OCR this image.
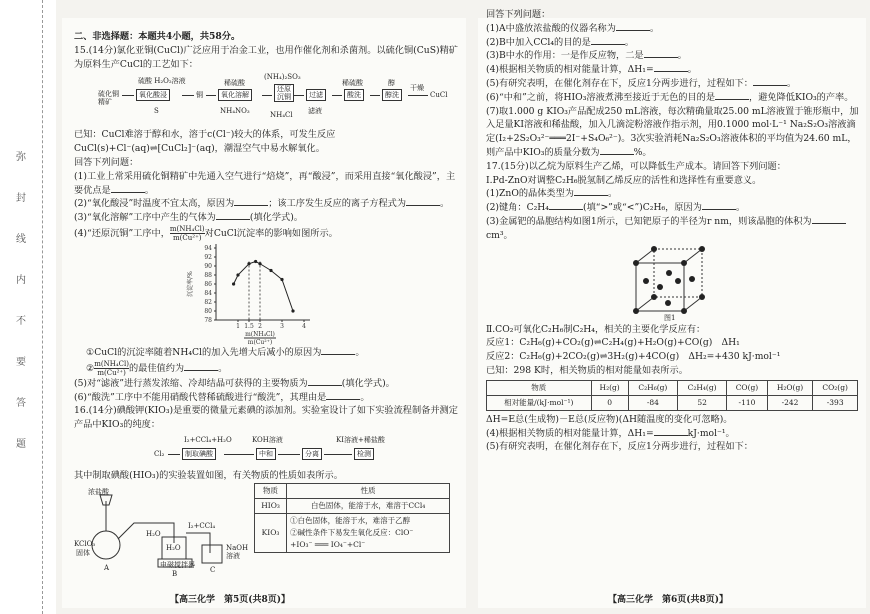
弥
封
线
内
不
要
答
题

二、非选择题：本题共4小题，共58分。

15.(14分)氯化亚铜(CuCl)广泛应用于冶金工业，也用作催化剂和杀菌剂。以硫化铜(CuS)精矿为原料生产CuCl的工艺如下：

硫化铜精矿
硫酸 H₂O₂溶液
氧化酸浸
S
铜
稀硫酸
氧化溶解
NH₄NO₃
(NH₄)₂SO₃
还原沉铜
NH₄Cl
过滤
滤液
稀硫酸
酸洗
醇
醇洗
干燥
CuCl

已知：CuCl难溶于醇和水，溶于c(Cl⁻)较大的体系，可发生反应CuCl(s)+Cl⁻(aq)⇌[CuCl₂]⁻(aq)，潮湿空气中易水解氧化。

回答下列问题：

(1)工业上常采用硫化铜精矿中先通入空气进行“焙烧”，再“酸浸”，而采用直接“氧化酸浸”，主要优点是	。

(2)“氧化酸浸”时温度不宜太高，原因为	；该工序发生反应的离子方程式为	。

(3)“氧化溶解”工序中产生的气体为	(填化学式)。

(4)“还原沉铜”工序中， $\frac{\text{m(NH₄Cl)}}{\text{m(Cu²⁺)}}$ 对CuCl沉淀率的影响如图所示。

78
80
82
84
86
88
90
92
94
1 1.5 2	3	4
沉淀率/%
m(NH₄Cl)
m(Cu²⁺)

①CuCl的沉淀率随着NH₄Cl的加入先增大后减小的原因为	。

② $\frac{\text{m(NH₄Cl)}}{\text{m(Cu²⁺)}}$ 的最佳值约为	。

(5)对“滤液”进行蒸发浓缩、冷却结晶可获得的主要物质为	(填化学式)。

(6)“酸洗”工序中不能用硝酸代替稀硫酸进行“酸洗”，其理由是	。

16.(14分)碘酸钾(KIO₃)是重要的微量元素碘的添加剂。实验室设计了如下实验流程制备并测定产品中KIO₃的纯度：

I₂+CCl₄+H₂O	KOH溶液	KI溶液+稀盐酸
Cl₂	制取碘酸	中和	分离	检测

其中制取碘酸(HIO₃)的实验装置如图，有关物质的性质如表所示。

浓盐酸
KClO₃
固体
H₂O
I₂+CCl₄
H₂O	NaOH
溶液
电磁搅拌器
A
B	C
物质	性质
HIO₃	白色固体，能溶于水，难溶于CCl₄
KIO₃	①白色固体，能溶于水，难溶于乙醇
②碱性条件下易发生氧化反应：ClO⁻
+IO₃⁻ ═══ IO₄⁻+Cl⁻
【高三化学　第5页(共8页)】

回答下列问题：

(1)A中盛放浓盐酸的仪器名称为	。

(2)B中加入CCl₄的目的是	。

(3)B中水的作用：一是作反应物，二是	。

(4)根据相关物质的相对能量计算，ΔH₁=	。

(5)有研究表明，在催化剂存在下，反应1分两步进行，过程如下：	。

(6)“中和”之前，将HIO₃溶液煮沸至接近于无色的目的是	，避免降低KIO₃的产率。

(7)取1.000 g KIO₃产品配成250 mL溶液，每次精确量取25.00 mL溶液置于锥形瓶中，加入足量KI溶液和稀盐酸，加入几滴淀粉溶液作指示剂，用0.1000 mol·L⁻¹ Na₂S₂O₃溶液滴定(I₂+2S₂O₃²⁻═══2I⁻+S₄O₆²⁻)。3次实验消耗Na₂S₂O₃溶液体积的平均值为24.60 mL，则产品中KIO₃的质量分数为	%。

17.(15分)以乙烷为原料生产乙烯，可以降低生产成本。请回答下列问题：

Ⅰ.Pd-ZnO对调整C₂H₆脱氢制乙烯反应的活性和选择性有重要意义。

(1)ZnO的晶体类型为	。

(2)键角：C₂H₄	(填“>”或“<”)C₂H₆，原因为	。

(3)金属钯的晶胞结构如图1所示，已知钯原子的半径为r nm，则该晶胞的体积为cm³。

图1

Ⅱ.CO₂可氧化C₂H₆制C₂H₄，相关的主要化学反应有：

反应1：C₂H₆(g)+CO₂(g)⇌C₂H₄(g)+H₂O(g)+CO(g)　ΔH₁

反应2：C₂H₆(g)+2CO₂(g)⇌3H₂(g)+4CO(g)　ΔH₂=+430 kJ·mol⁻¹

已知：298 K时，相关物质的相对能量如表所示。

物质	H₂(g)	C₂H₆(g)	C₂H₄(g)	CO(g)	H₂O(g)	CO₂(g)
相对能量/(kJ·mol⁻¹)	0	-84	52	-110	-242	-393

ΔH=E总(生成物)－E总(反应物)(ΔH随温度的变化可忽略)。

(4)根据相关物质的相对能量计算，ΔH₁=	kJ·mol⁻¹。

(5)有研究表明，在催化剂存在下，反应1分两步进行，过程如下：

【高三化学　第6页(共8页)】
